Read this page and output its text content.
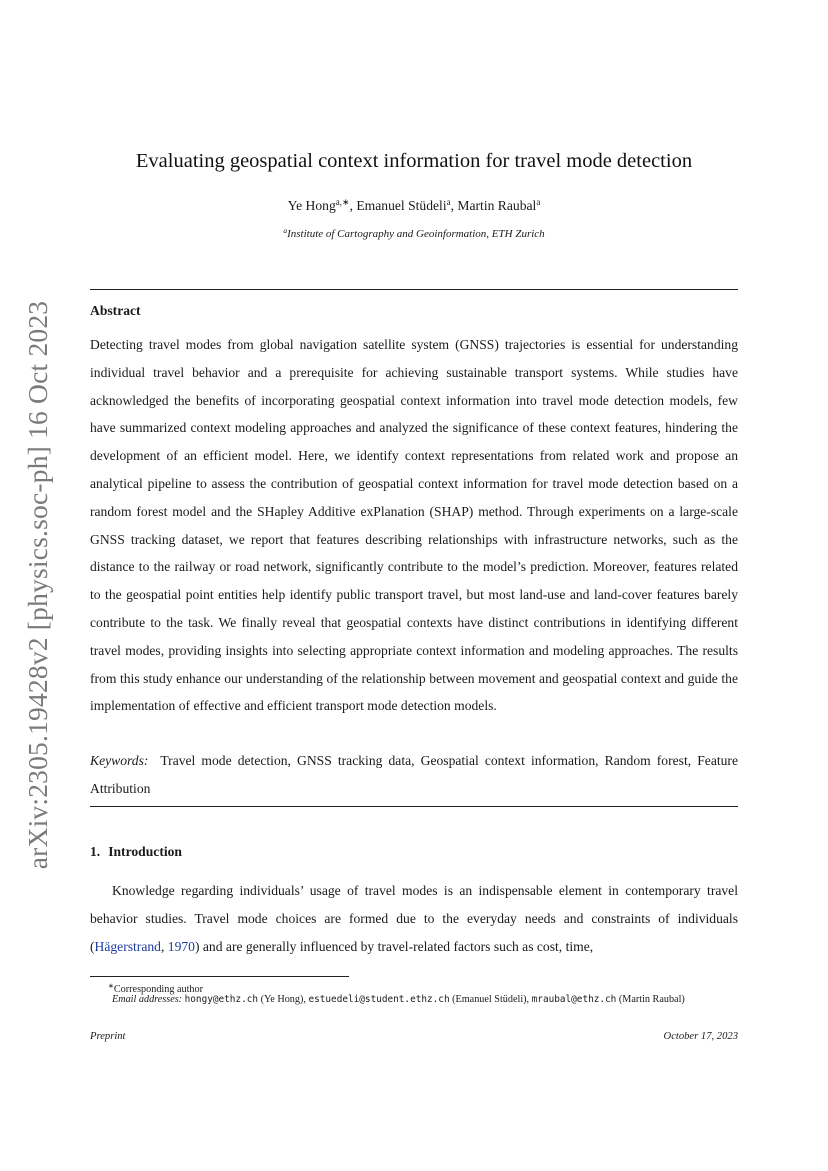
arXiv:2305.19428v2 [physics.soc-ph] 16 Oct 2023
Evaluating geospatial context information for travel mode detection
Ye Hong$^{a,∗}$, Emanuel Stüdeli$^a$, Martin Raubal$^a$
$^a$Institute of Cartography and Geoinformation, ETH Zurich
Abstract
Detecting travel modes from global navigation satellite system (GNSS) trajectories is essential for understanding individual travel behavior and a prerequisite for achieving sustainable transport systems. While studies have acknowledged the benefits of incorporating geospatial context information into travel mode detection models, few have summarized context modeling approaches and analyzed the significance of these context features, hindering the development of an efficient model. Here, we identify context representations from related work and propose an analytical pipeline to assess the contribution of geospatial context information for travel mode detection based on a random forest model and the SHapley Additive exPlanation (SHAP) method. Through experiments on a large-scale GNSS tracking dataset, we report that features describing relationships with infrastructure networks, such as the distance to the railway or road network, significantly contribute to the model’s prediction. Moreover, features related to the geospatial point entities help identify public transport travel, but most land-use and land-cover features barely contribute to the task. We finally reveal that geospatial contexts have distinct contributions in identifying different travel modes, providing insights into selecting appropriate context information and modeling approaches. The results from this study enhance our understanding of the relationship between movement and geospatial context and guide the implementation of effective and efficient transport mode detection models.
Keywords: Travel mode detection, GNSS tracking data, Geospatial context information, Random forest, Feature Attribution
1. Introduction
Knowledge regarding individuals’ usage of travel modes is an indispensable element in contemporary travel behavior studies. Travel mode choices are formed due to the everyday needs and constraints of individuals (Hägerstrand, 1970) and are generally influenced by travel-related factors such as cost, time,
∗Corresponding author
Email addresses: hongy@ethz.ch (Ye Hong), estuedeli@student.ethz.ch (Emanuel Stüdeli), mraubal@ethz.ch (Martin Raubal)
Preprint	October 17, 2023
